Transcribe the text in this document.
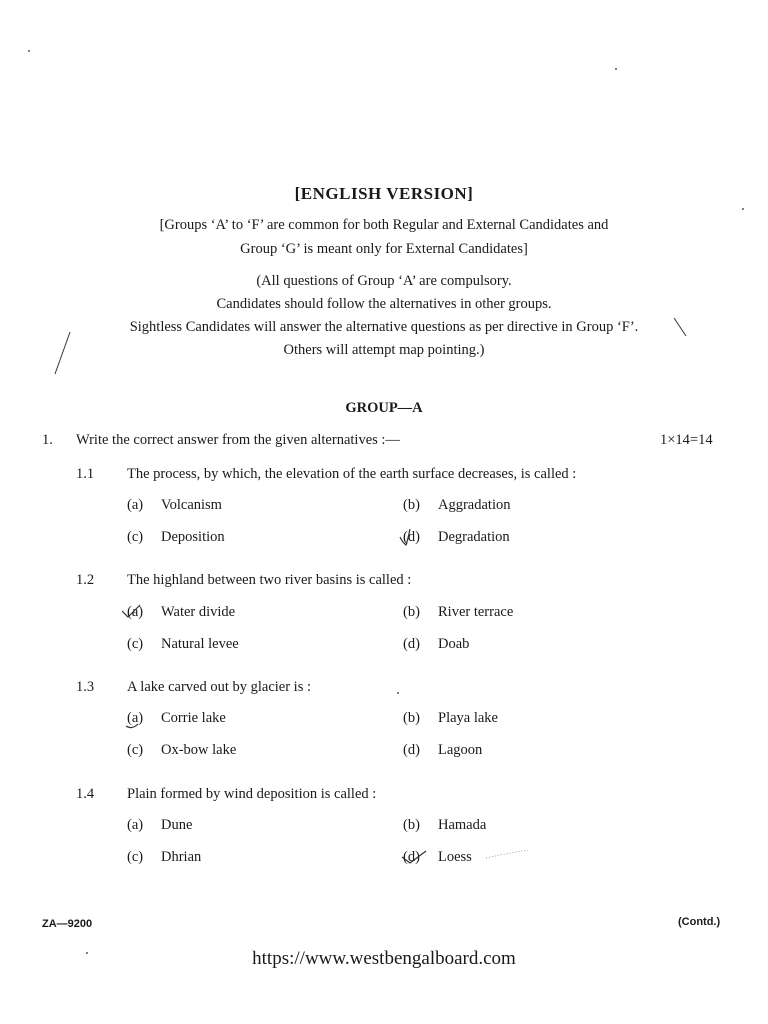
[ENGLISH VERSION]
[Groups ‘A’ to ‘F’ are common for both Regular and External Candidates and
Group ‘G’ is meant only for External Candidates]
(All questions of Group ‘A’ are compulsory.
Candidates should follow the alternatives in other groups.
Sightless Candidates will answer the alternative questions as per directive in Group ‘F’.
Others will attempt map pointing.)
GROUP—A
1. Write the correct answer from the given alternatives :—	1×14=14
1.1 The process, by which, the elevation of the earth surface decreases, is called :
(a) Volcanism	(b) Aggradation
(c) Deposition	(d) Degradation
1.2 The highland between two river basins is called :
(a) Water divide	(b) River terrace
(c) Natural levee	(d) Doab
1.3 A lake carved out by glacier is :
(a) Corrie lake	(b) Playa lake
(c) Ox-bow lake	(d) Lagoon
1.4 Plain formed by wind deposition is called :
(a) Dune	(b) Hamada
(c) Dhrian	(d) Loess
ZA—9200	(Contd.)
https://www.westbengalboard.com
